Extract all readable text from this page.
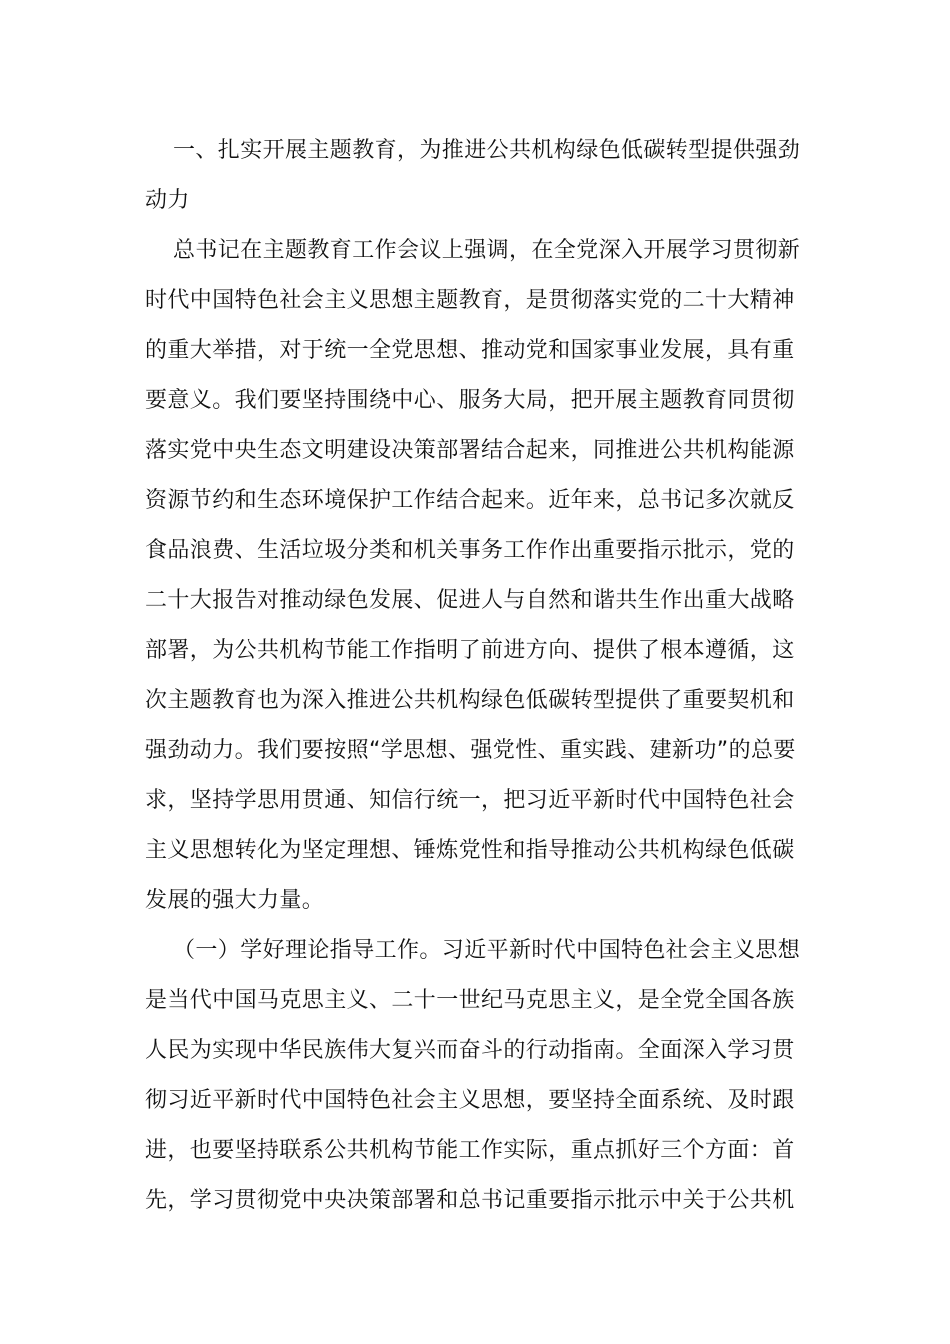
一、扎实开展主题教育，为推进公共机构绿色低碳转型提供强劲
动力
总书记在主题教育工作会议上强调，在全党深入开展学习贯彻新
时代中国特色社会主义思想主题教育，是贯彻落实党的二十大精神
的重大举措，对于统一全党思想、推动党和国家事业发展，具有重
要意义。我们要坚持围绕中心、服务大局，把开展主题教育同贯彻
落实党中央生态文明建设决策部署结合起来，同推进公共机构能源
资源节约和生态环境保护工作结合起来。近年来，总书记多次就反
食品浪费、生活垃圾分类和机关事务工作作出重要指示批示，党的
二十大报告对推动绿色发展、促进人与自然和谐共生作出重大战略
部署，为公共机构节能工作指明了前进方向、提供了根本遵循，这
次主题教育也为深入推进公共机构绿色低碳转型提供了重要契机和
强劲动力。我们要按照“学思想、强党性、重实践、建新功”的总要
求，坚持学思用贯通、知信行统一，把习近平新时代中国特色社会
主义思想转化为坚定理想、锤炼党性和指导推动公共机构绿色低碳
发展的强大力量。
（一）学好理论指导工作。习近平新时代中国特色社会主义思想
是当代中国马克思主义、二十一世纪马克思主义，是全党全国各族
人民为实现中华民族伟大复兴而奋斗的行动指南。全面深入学习贯
彻习近平新时代中国特色社会主义思想，要坚持全面系统、及时跟
进，也要坚持联系公共机构节能工作实际，重点抓好三个方面：首
先，学习贯彻党中央决策部署和总书记重要指示批示中关于公共机
